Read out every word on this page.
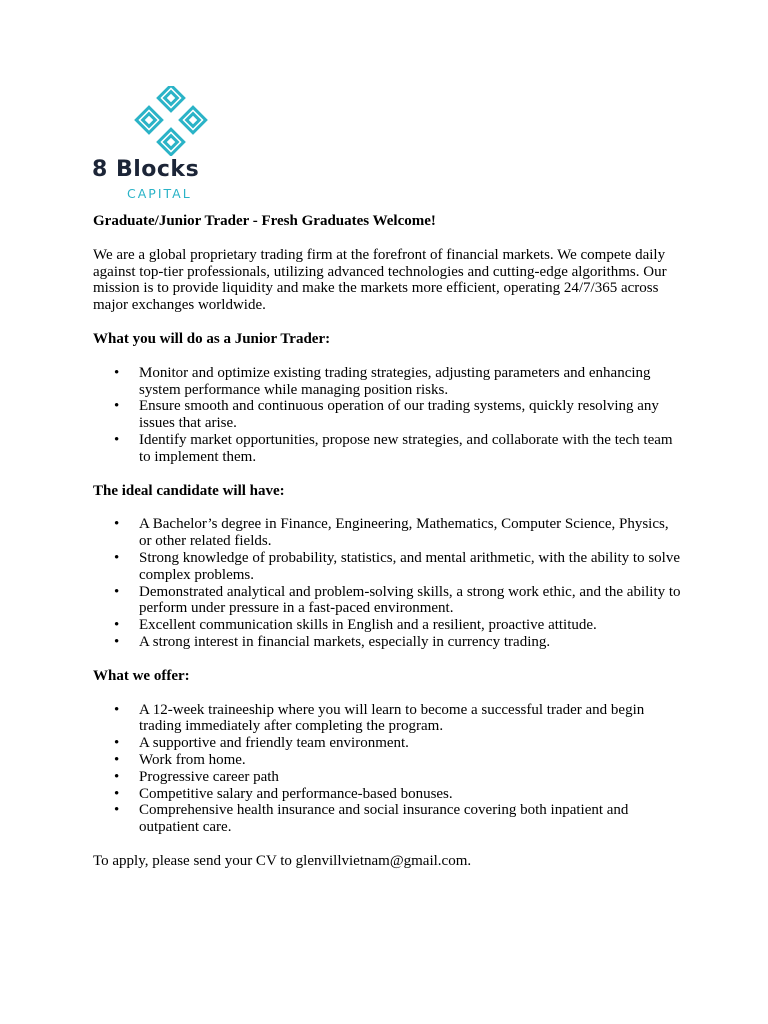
8 Blocks
CAPITAL

Graduate/Junior Trader - Fresh Graduates Welcome!

We are a global proprietary trading firm at the forefront of financial markets. We compete daily against top-tier professionals, utilizing advanced technologies and cutting-edge algorithms. Our mission is to provide liquidity and make the markets more efficient, operating 24/7/365 across major exchanges worldwide.

What you will do as a Junior Trader:

• Monitor and optimize existing trading strategies, adjusting parameters and enhancing system performance while managing position risks.
• Ensure smooth and continuous operation of our trading systems, quickly resolving any issues that arise.
• Identify market opportunities, propose new strategies, and collaborate with the tech team to implement them.

The ideal candidate will have:

• A Bachelor’s degree in Finance, Engineering, Mathematics, Computer Science, Physics, or other related fields.
• Strong knowledge of probability, statistics, and mental arithmetic, with the ability to solve complex problems.
• Demonstrated analytical and problem-solving skills, a strong work ethic, and the ability to perform under pressure in a fast-paced environment.
• Excellent communication skills in English and a resilient, proactive attitude.
• A strong interest in financial markets, especially in currency trading.

What we offer:

• A 12-week traineeship where you will learn to become a successful trader and begin trading immediately after completing the program.
• A supportive and friendly team environment.
• Work from home.
• Progressive career path
• Competitive salary and performance-based bonuses.
• Comprehensive health insurance and social insurance covering both inpatient and outpatient care.

To apply, please send your CV to glenvillvietnam@gmail.com.
